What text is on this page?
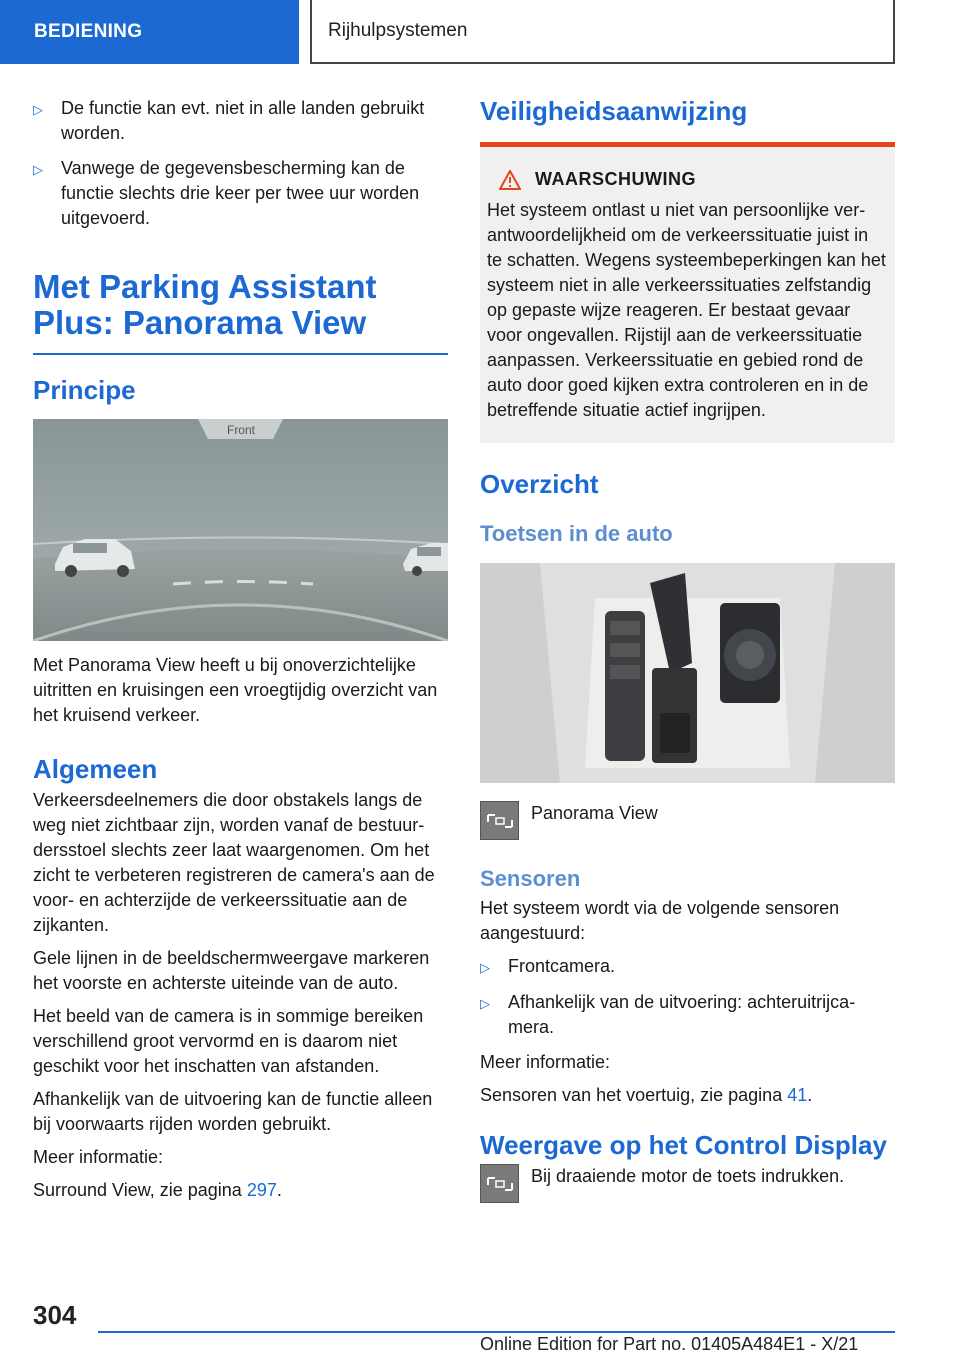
BEDIENING	Rijhulpsystemen
▷	De functie kan evt. niet in alle landen gebruikt worden.
▷	Vanwege de gegevensbescherming kan de functie slechts drie keer per twee uur worden uitgevoerd.
Met Parking Assistant Plus: Panorama View
Principe
Front

Met Panorama View heeft u bij onoverzichtelijke uitritten en kruisingen een vroegtijdig overzicht van het kruisend verkeer.

Algemeen

Verkeersdeelnemers die door obstakels langs de weg niet zichtbaar zijn, worden vanaf de bestuurdersstoel slechts zeer laat waargenomen. Om het zicht te verbeteren registreren de camera's aan de voor- en achterzijde de verkeerssituatie aan de zijkanten.

Gele lijnen in de beeldschermweergave markeren het voorste en achterste uiteinde van de auto.

Het beeld van de camera is in sommige bereiken verschillend groot vervormd en is daarom niet geschikt voor het inschatten van afstanden.

Afhankelijk van de uitvoering kan de functie alleen bij voorwaarts rijden worden gebruikt.

Meer informatie:

Surround View, zie pagina 297.

Veiligheidsaanwijzing
WAARSCHUWING

Het systeem ontlast u niet van persoonlijke verantwoordelijkheid om de verkeerssituatie juist in te schatten. Wegens systeembeperkingen kan het systeem niet in alle verkeerssituaties zelfstandig op gepaste wijze reageren. Er bestaat gevaar voor ongevallen. Rijstijl aan de verkeerssituatie aanpassen. Verkeerssituatie en gebied rond de auto door goed kijken extra controleren en in de betreffende situatie actief ingrijpen.

Overzicht
Toetsen in de auto
Panorama View
Sensoren

Het systeem wordt via de volgende sensoren aangestuurd:

▷	Frontcamera.
▷	Afhankelijk van de uitvoering: achteruitrijcamera.

Meer informatie:

Sensoren van het voertuig, zie pagina 41.

Weergave op het Control Display
Bij draaiende motor de toets indrukken.
304
Online Edition for Part no. 01405A484E1 - X/21
